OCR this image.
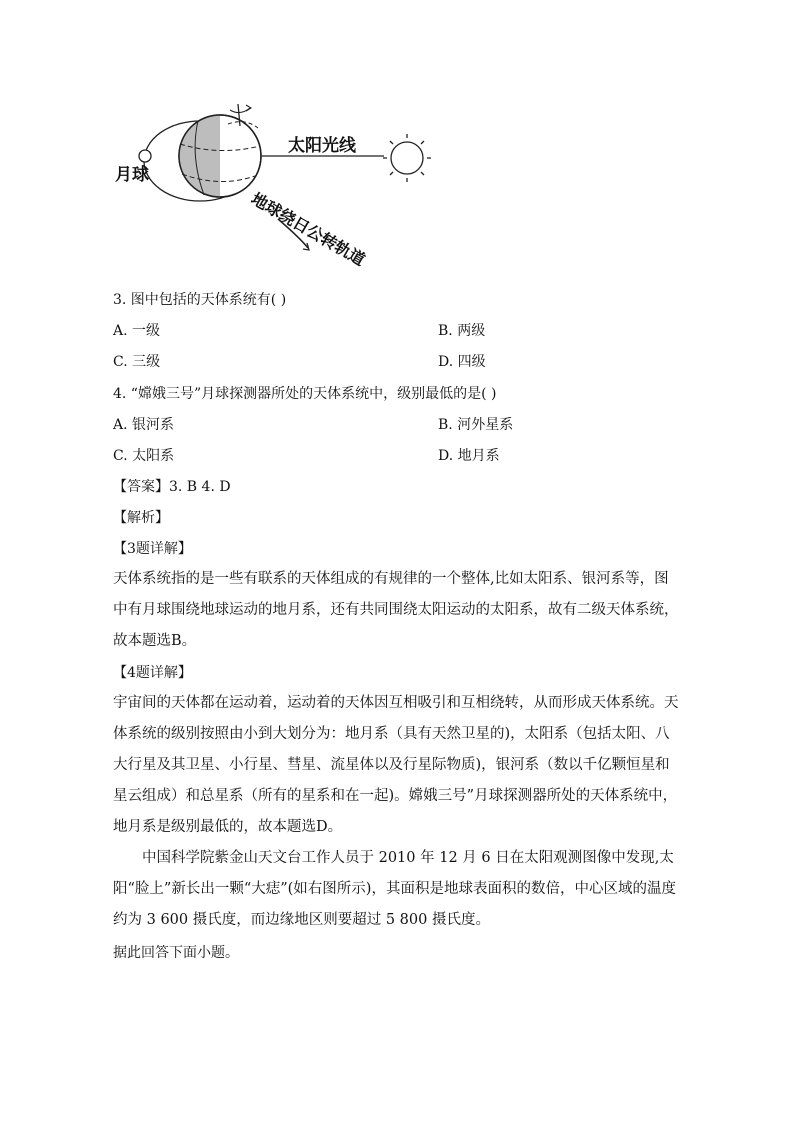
月球
太阳光线
地球绕日公转轨道
3. 图中包括的天体系统有( )
A. 一级	B. 两级
C. 三级	D. 四级
4. “嫦娥三号”月球探测器所处的天体系统中，级别最低的是( )
A. 银河系	B. 河外星系
C. 太阳系	D. 地月系
【答案】3. B 4. D
【解析】
【3题详解】
天体系统指的是一些有联系的天体组成的有规律的一个整体,比如太阳系、银河系等，图中有月球围绕地球运动的地月系，还有共同围绕太阳运动的太阳系，故有二级天体系统，故本题选B。
【4题详解】
宇宙间的天体都在运动着，运动着的天体因互相吸引和互相绕转，从而形成天体系统。天体系统的级别按照由小到大划分为：地月系（具有天然卫星的)，太阳系（包括太阳、八大行星及其卫星、小行星、彗星、流星体以及行星际物质)，银河系（数以千亿颗恒星和星云组成）和总星系（所有的星系和在一起)。嫦娥三号”月球探测器所处的天体系统中，地月系是级别最低的，故本题选D。
中国科学院紫金山天文台工作人员于 2010 年 12 月 6 日在太阳观测图像中发现,太阳“脸上”新长出一颗“大痣”(如右图所示)，其面积是地球表面积的数倍，中心区域的温度约为 3 600 摄氏度，而边缘地区则要超过 5 800 摄氏度。
据此回答下面小题。
